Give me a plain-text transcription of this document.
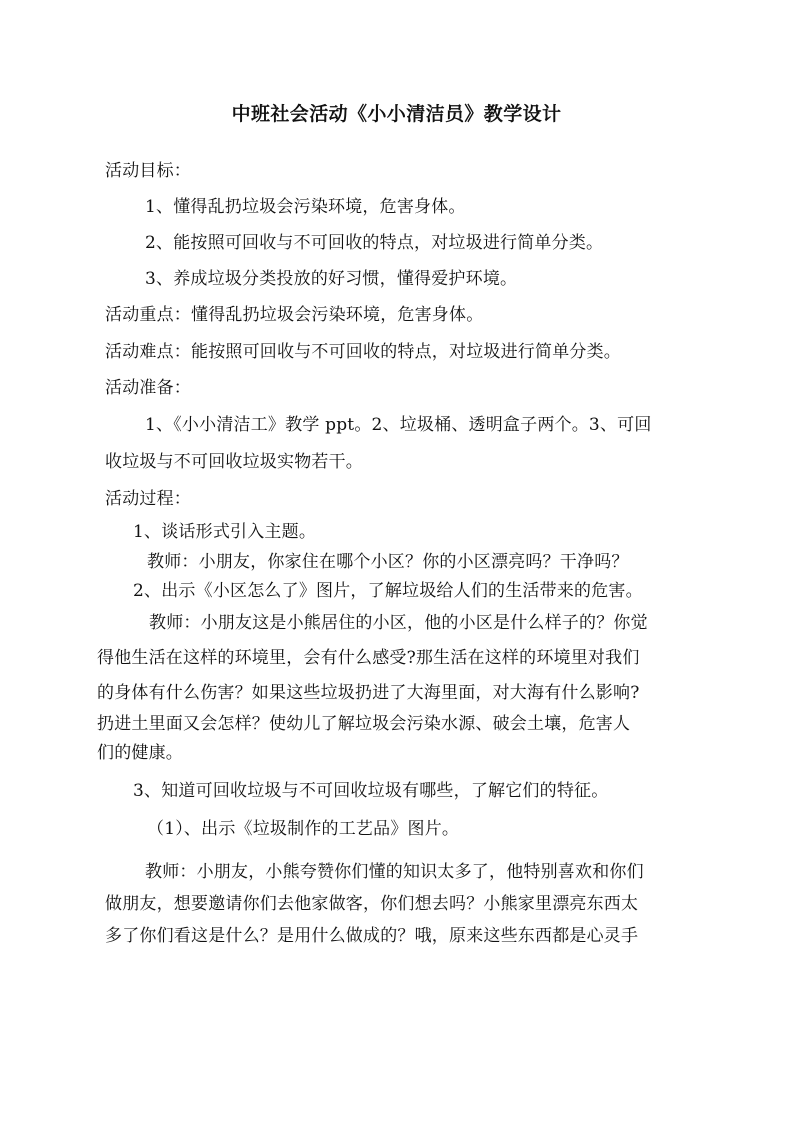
中班社会活动《小小清洁员》教学设计
活动目标：
1、懂得乱扔垃圾会污染环境，危害身体。
2、能按照可回收与不可回收的特点，对垃圾进行简单分类。
3、养成垃圾分类投放的好习惯，懂得爱护环境。
活动重点：懂得乱扔垃圾会污染环境，危害身体。
活动难点：能按照可回收与不可回收的特点，对垃圾进行简单分类。
活动准备：
1、《小小清洁工》教学 ppt。2、垃圾桶、透明盒子两个。3、可回
收垃圾与不可回收垃圾实物若干。
活动过程：
1、谈话形式引入主题。
教师：小朋友，你家住在哪个小区？你的小区漂亮吗？干净吗？
2、出示《小区怎么了》图片，了解垃圾给人们的生活带来的危害。
教师：小朋友这是小熊居住的小区，他的小区是什么样子的？你觉
得他生活在这样的环境里，会有什么感受?那生活在这样的环境里对我们
的身体有什么伤害？如果这些垃圾扔进了大海里面，对大海有什么影响?
扔进土里面又会怎样？使幼儿了解垃圾会污染水源、破会土壤，危害人
们的健康。
3、知道可回收垃圾与不可回收垃圾有哪些，了解它们的特征。
（1）、出示《垃圾制作的工艺品》图片。
教师：小朋友，小熊夸赞你们懂的知识太多了，他特别喜欢和你们
做朋友，想要邀请你们去他家做客，你们想去吗？小熊家里漂亮东西太
多了你们看这是什么？是用什么做成的？哦，原来这些东西都是心灵手
